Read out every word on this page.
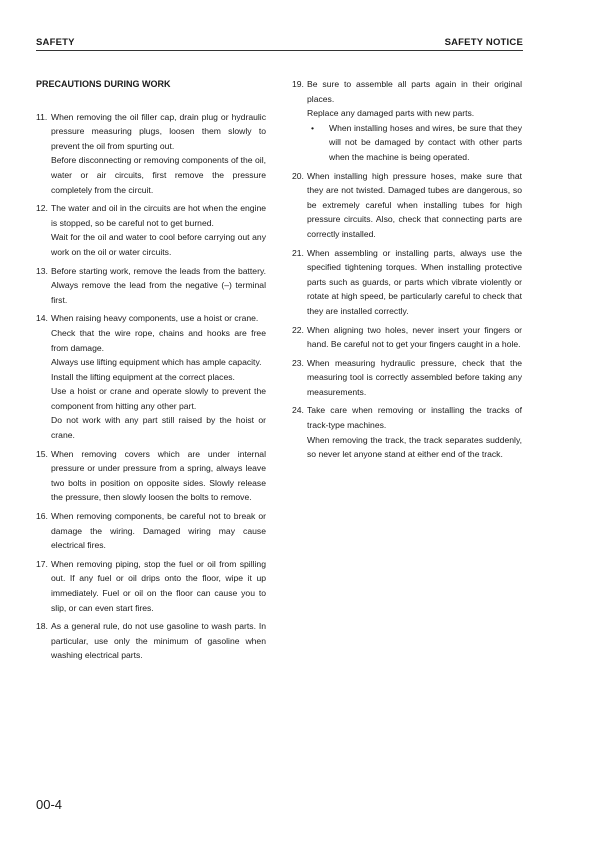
SAFETY	SAFETY NOTICE
PRECAUTIONS DURING WORK
11. When removing the oil filler cap, drain plug or hydraulic pressure measuring plugs, loosen them slowly to prevent the oil from spurting out.

Before disconnecting or removing components of the oil, water or air circuits, first remove the pressure completely from the circuit.

12. The water and oil in the circuits are hot when the engine is stopped, so be careful not to get burned.

Wait for the oil and water to cool before carrying out any work on the oil or water circuits.

13. Before starting work, remove the leads from the battery. Always remove the lead from the negative (–) terminal first.

14. When raising heavy components, use a hoist or crane.

Check that the wire rope, chains and hooks are free from damage.

Always use lifting equipment which has ample capacity.

Install the lifting equipment at the correct places.

Use a hoist or crane and operate slowly to prevent the component from hitting any other part.

Do not work with any part still raised by the hoist or crane.

15. When removing covers which are under internal pressure or under pressure from a spring, always leave two bolts in position on opposite sides. Slowly release the pressure, then slowly loosen the bolts to remove.

16. When removing components, be careful not to break or damage the wiring. Damaged wiring may cause electrical fires.

17. When removing piping, stop the fuel or oil from spilling out. If any fuel or oil drips onto the floor, wipe it up immediately. Fuel or oil on the floor can cause you to slip, or can even start fires.

18. As a general rule, do not use gasoline to wash parts. In particular, use only the minimum of gasoline when washing electrical parts.

19. Be sure to assemble all parts again in their original places.

Replace any damaged parts with new parts.

• When installing hoses and wires, be sure that they will not be damaged by contact with other parts when the machine is being operated.

20. When installing high pressure hoses, make sure that they are not twisted. Damaged tubes are dangerous, so be extremely careful when installing tubes for high pressure circuits. Also, check that connecting parts are correctly installed.

21. When assembling or installing parts, always use the specified tightening torques. When installing protective parts such as guards, or parts which vibrate violently or rotate at high speed, be particularly careful to check that they are installed correctly.

22. When aligning two holes, never insert your fingers or hand. Be careful not to get your fingers caught in a hole.

23. When measuring hydraulic pressure, check that the measuring tool is correctly assembled before taking any measurements.

24. Take care when removing or installing the tracks of track-type machines.

When removing the track, the track separates suddenly, so never let anyone stand at either end of the track.

00-4
